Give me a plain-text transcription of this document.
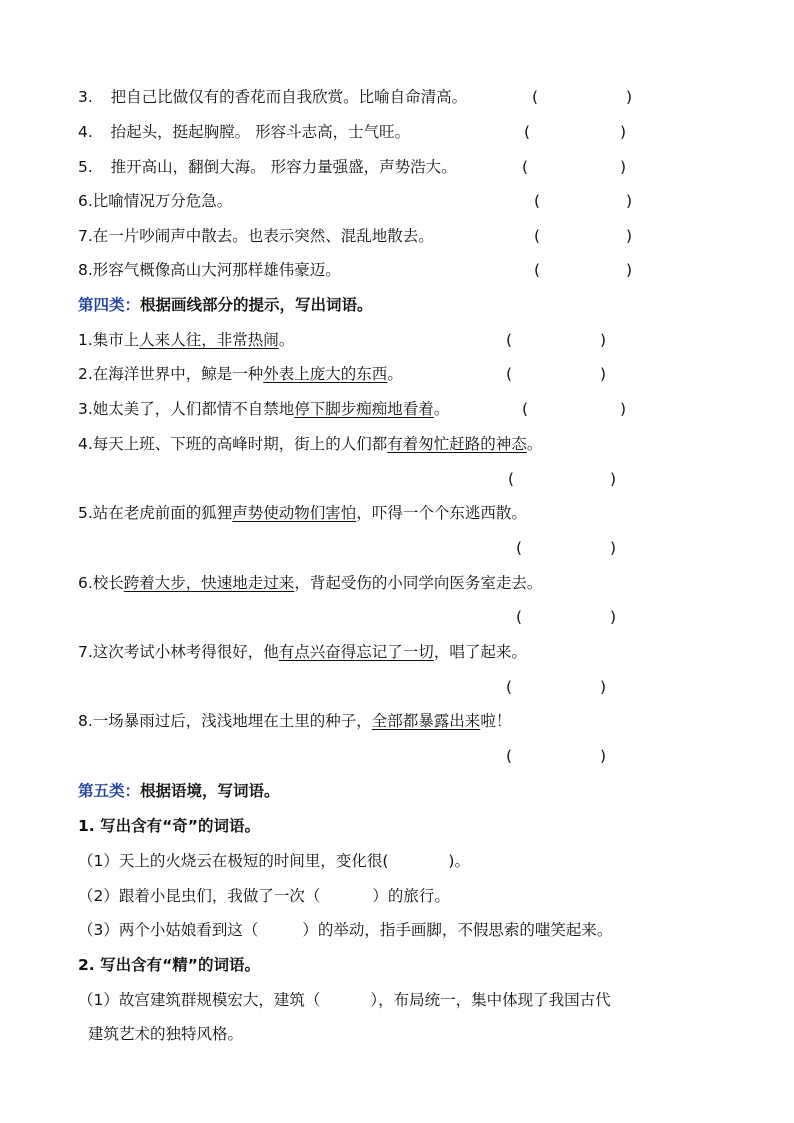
3. 把自己比做仅有的香花而自我欣赏。比喻自命清高。	(	)
4. 抬起头，挺起胸膛。 形容斗志高，士气旺。	(	)
5. 推开高山，翻倒大海。 形容力量强盛，声势浩大。	(	)
6.比喻情况万分危急。	(	)
7.在一片吵闹声中散去。也表示突然、混乱地散去。	(	)
8.形容气概像高山大河那样雄伟豪迈。	(	)
第四类：根据画线部分的提示，写出词语。
1.集市上人来人往，非常热闹。	(	)
2.在海洋世界中，鲸是一种外表上庞大的东西。	(	)
3.她太美了，人们都情不自禁地停下脚步痴痴地看着。	(	)
4.每天上班、下班的高峰时期，街上的人们都有着匆忙赶路的神态。
(	)
5.站在老虎前面的狐狸声势使动物们害怕，吓得一个个东逃西散。
(	)
6.校长跨着大步，快速地走过来，背起受伤的小同学向医务室走去。
(	)
7.这次考试小林考得很好，他有点兴奋得忘记了一切，唱了起来。
(	)
8.一场暴雨过后，浅浅地埋在土里的种子，全部都暴露出来啦！
(	)
第五类：根据语境，写词语。
1. 写出含有“奇”的词语。
（1）天上的火烧云在极短的时间里，变化很(	)。
（2）跟着小昆虫们，我做了一次（	）的旅行。
（3）两个小姑娘看到这（	）的举动，指手画脚，不假思索的嗤笑起来。
2. 写出含有“精”的词语。
（1）故宫建筑群规模宏大，建筑（	），布局统一，集中体现了我国古代
建筑艺术的独特风格。
